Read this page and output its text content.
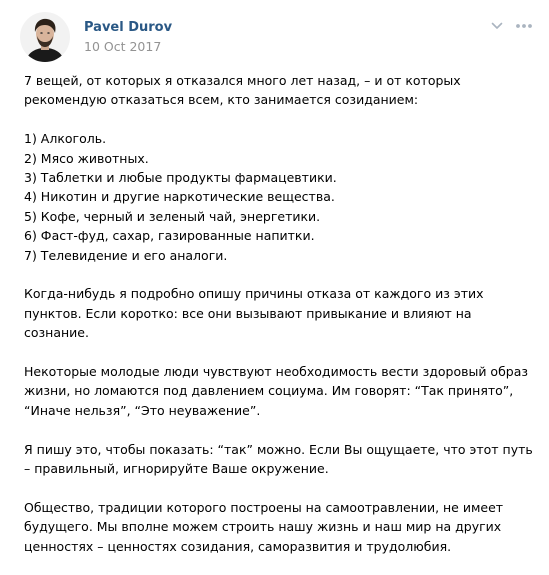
Pavel Durov
10 Oct 2017

7 вещей, от которых я отказался много лет назад, – и от которых рекомендую отказаться всем, кто занимается созиданием:

1) Алкоголь.
2) Мясо животных.
3) Таблетки и любые продукты фармацевтики.
4) Никотин и другие наркотические вещества.
5) Кофе, черный и зеленый чай, энергетики.
6) Фаст-фуд, сахар, газированные напитки.
7) Телевидение и его аналоги.

Когда-нибудь я подробно опишу причины отказа от каждого из этих пунктов. Если коротко: все они вызывают привыкание и влияют на сознание.

Некоторые молодые люди чувствуют необходимость вести здоровый образ жизни, но ломаются под давлением социума. Им говорят: “Так принято”, “Иначе нельзя”, “Это неуважение”.

Я пишу это, чтобы показать: “так” можно. Если Вы ощущаете, что этот путь – правильный, игнорируйте Ваше окружение.

Общество, традиции которого построены на самоотравлении, не имеет будущего. Мы вполне можем строить нашу жизнь и наш мир на других ценностях – ценностях созидания, саморазвития и трудолюбия.
